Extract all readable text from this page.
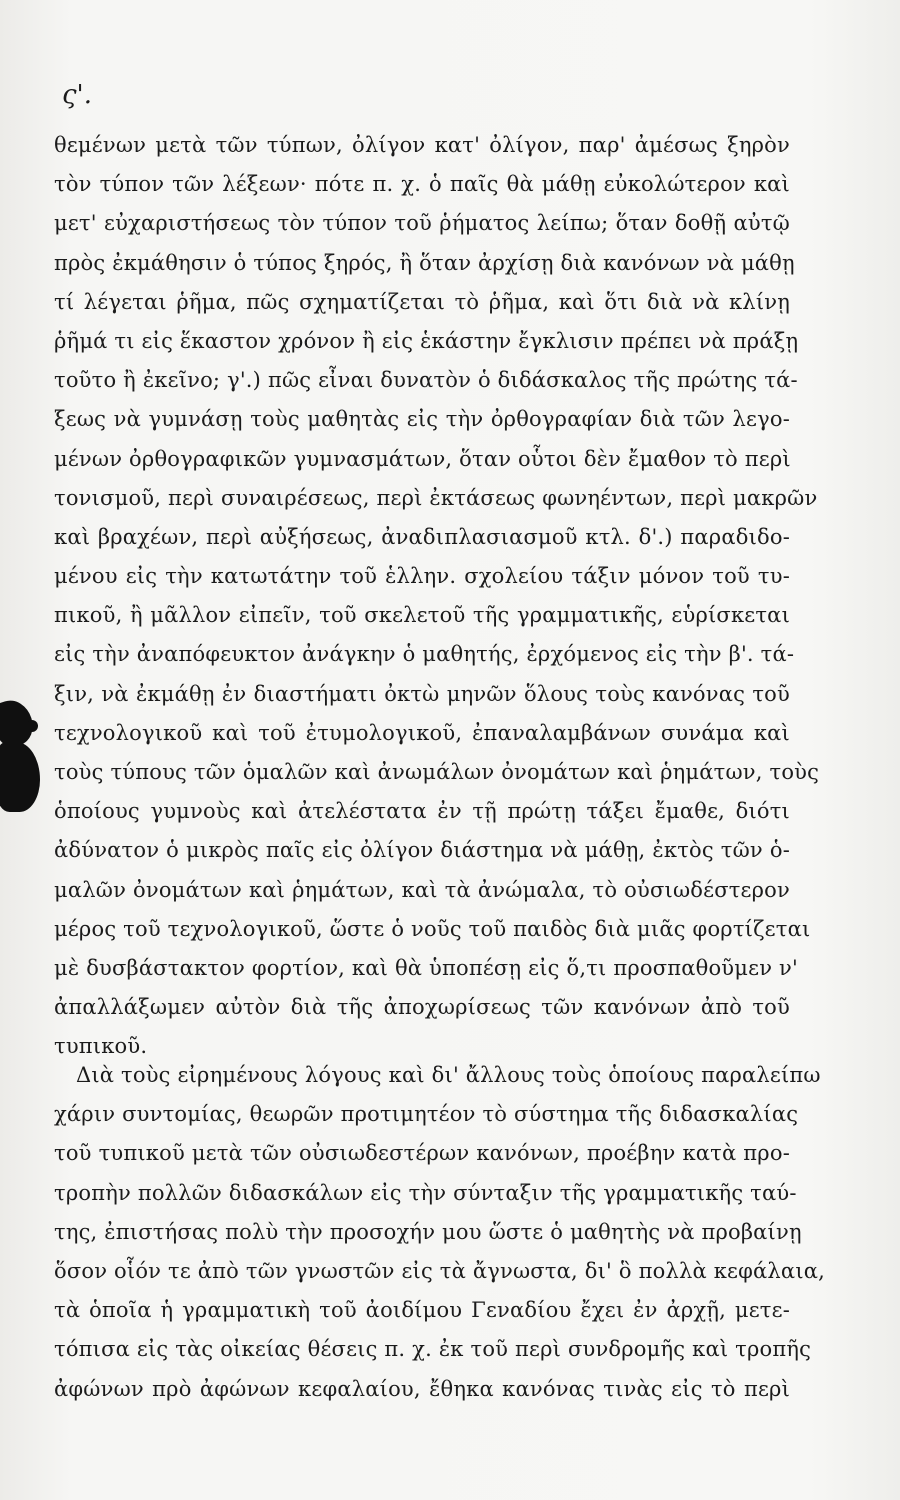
ς'.
θεμένων μετὰ τῶν τύπων, ὀλίγον κατ' ὀλίγον, παρ' ἀμέσως ξηρὸν
τὸν τύπον τῶν λέξεων· πότε π. χ. ὁ παῖς θὰ μάθῃ εὐκολώτερον καὶ
μετ' εὐχαριστήσεως τὸν τύπον τοῦ ῥήματος λείπω; ὅταν δοθῇ αὐτῷ
πρὸς ἐκμάθησιν ὁ τύπος ξηρός, ἢ ὅταν ἀρχίσῃ διὰ κανόνων νὰ μάθῃ
τί λέγεται ῥῆμα, πῶς σχηματίζεται τὸ ῥῆμα, καὶ ὅτι διὰ νὰ κλίνῃ
ῥῆμά τι εἰς ἕκαστον χρόνον ἢ εἰς ἑκάστην ἔγκλισιν πρέπει νὰ πράξῃ
τοῦτο ἢ ἐκεῖνο; γ'.) πῶς εἶναι δυνατὸν ὁ διδάσκαλος τῆς πρώτης τά-
ξεως νὰ γυμνάσῃ τοὺς μαθητὰς εἰς τὴν ὀρθογραφίαν διὰ τῶν λεγο-
μένων ὀρθογραφικῶν γυμνασμάτων, ὅταν οὗτοι δὲν ἔμαθον τὸ περὶ
τονισμοῦ, περὶ συναιρέσεως, περὶ ἐκτάσεως φωνηέντων, περὶ μακρῶν
καὶ βραχέων, περὶ αὐξήσεως, ἀναδιπλασιασμοῦ κτλ. δ'.) παραδιδο-
μένου εἰς τὴν κατωτάτην τοῦ ἑλλην. σχολείου τάξιν μόνον τοῦ τυ-
πικοῦ, ἢ μᾶλλον εἰπεῖν, τοῦ σκελετοῦ τῆς γραμματικῆς, εὑρίσκεται
εἰς τὴν ἀναπόφευκτον ἀνάγκην ὁ μαθητής, ἐρχόμενος εἰς τὴν β'. τά-
ξιν, νὰ ἐκμάθῃ ἐν διαστήματι ὀκτὼ μηνῶν ὅλους τοὺς κανόνας τοῦ
τεχνολογικοῦ καὶ τοῦ ἐτυμολογικοῦ, ἐπαναλαμβάνων συνάμα καὶ
τοὺς τύπους τῶν ὁμαλῶν καὶ ἀνωμάλων ὀνομάτων καὶ ῥημάτων, τοὺς
ὁποίους γυμνοὺς καὶ ἀτελέστατα ἐν τῇ πρώτῃ τάξει ἔμαθε, διότι
ἀδύνατον ὁ μικρὸς παῖς εἰς ὀλίγον διάστημα νὰ μάθῃ, ἐκτὸς τῶν ὁ-
μαλῶν ὀνομάτων καὶ ῥημάτων, καὶ τὰ ἀνώμαλα, τὸ οὐσιωδέστερον
μέρος τοῦ τεχνολογικοῦ, ὥστε ὁ νοῦς τοῦ παιδὸς διὰ μιᾶς φορτίζεται
μὲ δυσβάστακτον φορτίον, καὶ θὰ ὑποπέσῃ εἰς ὅ,τι προσπαθοῦμεν ν'
ἀπαλλάξωμεν αὐτὸν διὰ τῆς ἀποχωρίσεως τῶν κανόνων ἀπὸ τοῦ
τυπικοῦ.
Διὰ τοὺς εἰρημένους λόγους καὶ δι' ἄλλους τοὺς ὁποίους παραλείπω
χάριν συντομίας, θεωρῶν προτιμητέον τὸ σύστημα τῆς διδασκαλίας
τοῦ τυπικοῦ μετὰ τῶν οὐσιωδεστέρων κανόνων, προέβην κατὰ προ-
τροπὴν πολλῶν διδασκάλων εἰς τὴν σύνταξιν τῆς γραμματικῆς ταύ-
της, ἐπιστήσας πολὺ τὴν προσοχήν μου ὥστε ὁ μαθητὴς νὰ προβαίνῃ
ὅσον οἷόν τε ἀπὸ τῶν γνωστῶν εἰς τὰ ἄγνωστα, δι' ὃ πολλὰ κεφάλαια,
τὰ ὁποῖα ἡ γραμματικὴ τοῦ ἀοιδίμου Γεναδίου ἔχει ἐν ἀρχῇ, μετε-
τόπισα εἰς τὰς οἰκείας θέσεις π. χ. ἐκ τοῦ περὶ συνδρομῆς καὶ τροπῆς
ἀφώνων πρὸ ἀφώνων κεφαλαίου, ἔθηκα κανόνας τινὰς εἰς τὸ περὶ
